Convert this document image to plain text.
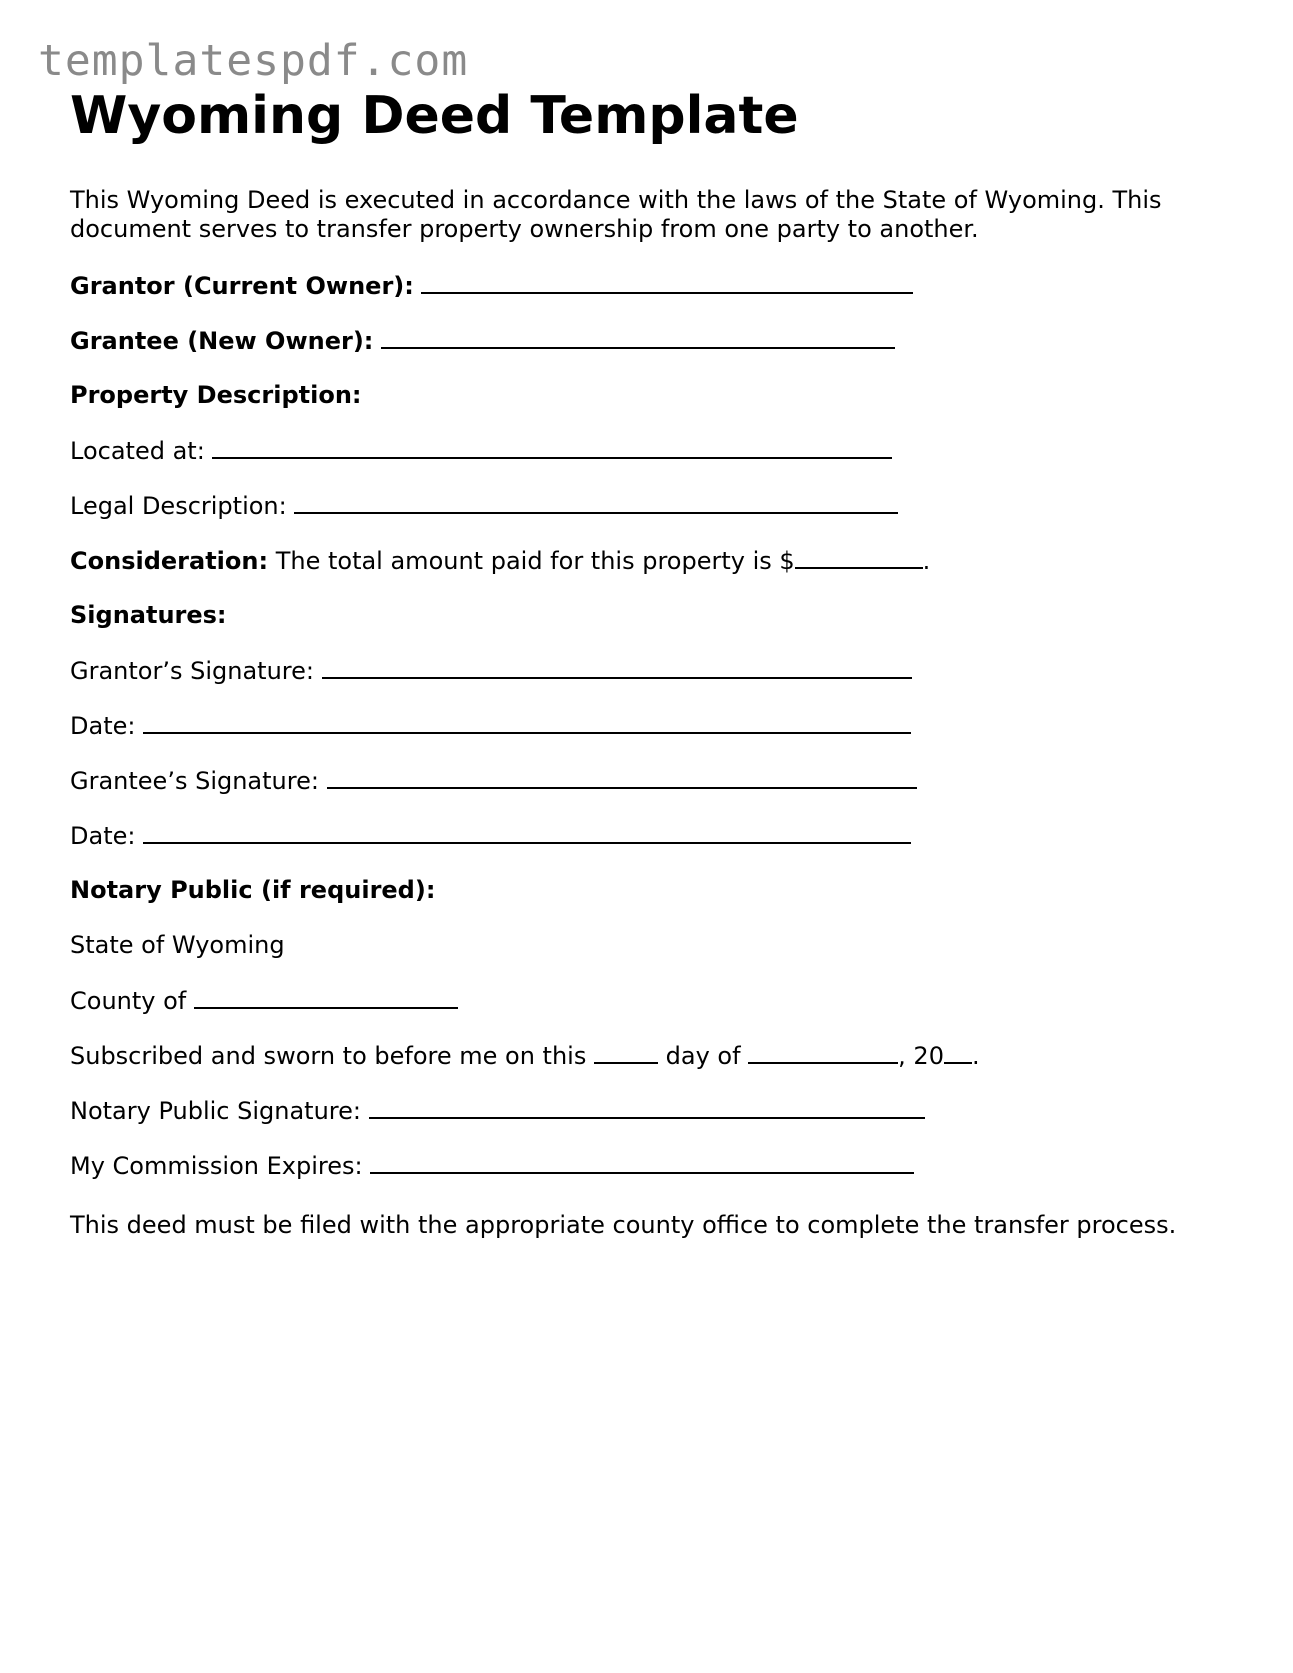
templatespdf.com
Wyoming Deed Template

This Wyoming Deed is executed in accordance with the laws of the State of Wyoming. This document serves to transfer property ownership from one party to another.

Grantor (Current Owner):
Grantee (New Owner):
Property Description:
Located at:
Legal Description:
Consideration: The total amount paid for this property is $	.
Signatures:
Grantor’s Signature:
Date:
Grantee’s Signature:
Date:
Notary Public (if required):
State of Wyoming
County of
Subscribed and sworn to before me on this	day of	, 20 .
Notary Public Signature:
My Commission Expires:

This deed must be filed with the appropriate county office to complete the transfer process.
